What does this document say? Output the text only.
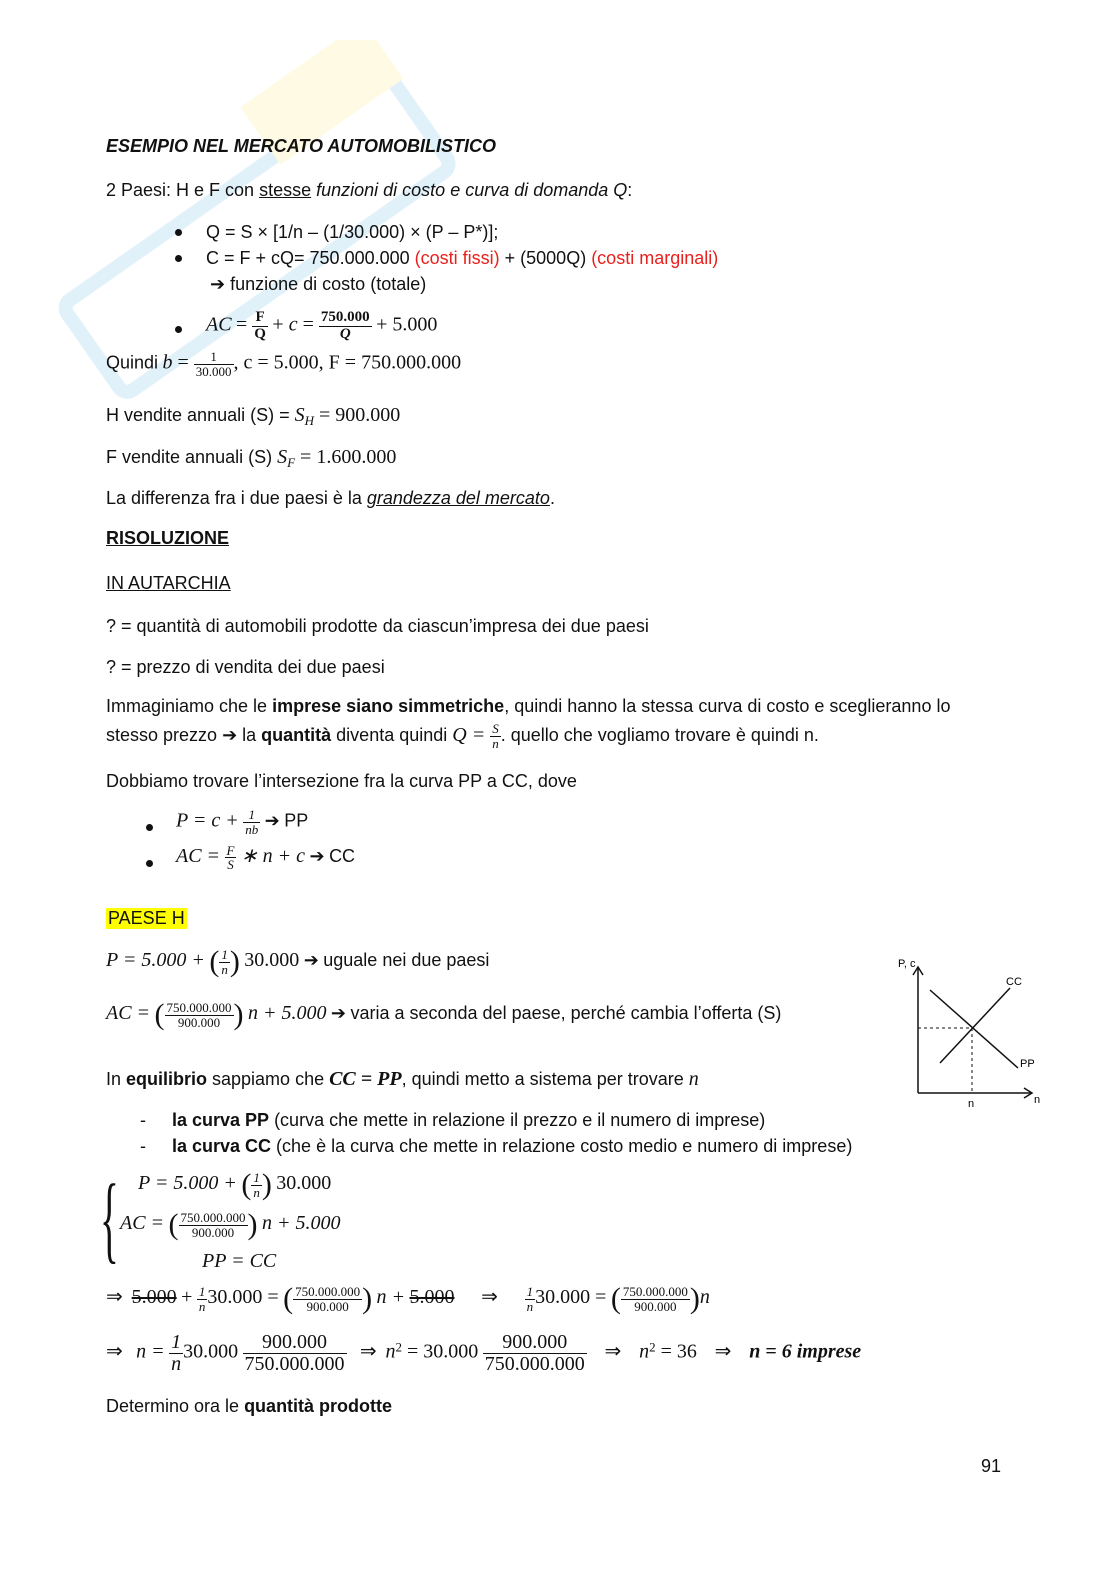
ESEMPIO NEL MERCATO AUTOMOBILISTICO
2 Paesi: H e F con stesse funzioni di costo e curva di domanda Q:
Q = S × [1/n – (1/30.000) × (P – P*)];
C = F + cQ= 750.000.000 (costi fissi) + (5000Q) (costi marginali)
➔ funzione di costo (totale)
AC = $\frac{F}{Q} + c = \frac{750.000}{Q} + 5.000$
Quindi $b = \frac{1}{30.000}$ , c = 5.000, F = 750.000.000
H vendite annuali $(S) = S_H = 900.000$
F vendite annuali (S) $S_F = 1.600.000$
La differenza fra i due paesi è la grandezza del mercato.
RISOLUZIONE
IN AUTARCHIA
? = quantità di automobili prodotte da ciascun’impresa dei due paesi
? = prezzo di vendita dei due paesi
Immaginiamo che le imprese siano simmetriche, quindi hanno la stessa curva di costo e sceglieranno lo
stesso prezzo ➔ la quantità diventa quindi $Q = \frac{S}{n}$ . quello che vogliamo trovare è quindi n.
Dobbiamo trovare l’intersezione fra la curva PP a CC, dove
$P = c + \frac{1}{nb}$ ➔ PP
AC = $\frac{F}{S}$ ∗ n + c ➔ CC
PAESE H
P = 5.000 + ( $\frac{1}{n}$ ) 30.000 ➔ uguale nei due paesi
AC = ( $\frac{750.000.000}{900.000}$ ) n + 5.000 ➔ varia a seconda del paese, perché cambia l’offerta (S)
P, c
CC
PP
n
n
In equilibrio sappiamo che CC = PP, quindi metto a sistema per trovare n
- la curva PP (curva che mette in relazione il prezzo e il numero di imprese)
- la curva CC (che è la curva che mette in relazione costo medio e numero di imprese)
{ P = 5.000 + ( $\frac{1}{n}$ ) 30.000
AC = ( $\frac{750.000.000}{900.000}$ ) n + 5.000
PP = CC
⇒ $5.000 + \frac{1}{n} 30.000$ = ( $\frac{750.000.000}{900.000}$ ) n + 5.000 ⇒ $\frac{1}{n} 30.000$ = ( $\frac{750.000.000}{900.000} )n$
⇒ $n = \frac{1}{n} 30.000 \frac{900.000}{750.000.000}$ ⇒ $n^2 = 30.000 \frac{900.000}{750.000.000}$ ⇒ $n^2 = 36$ ⇒ n = 6 imprese
Determino ora le quantità prodotte
91
